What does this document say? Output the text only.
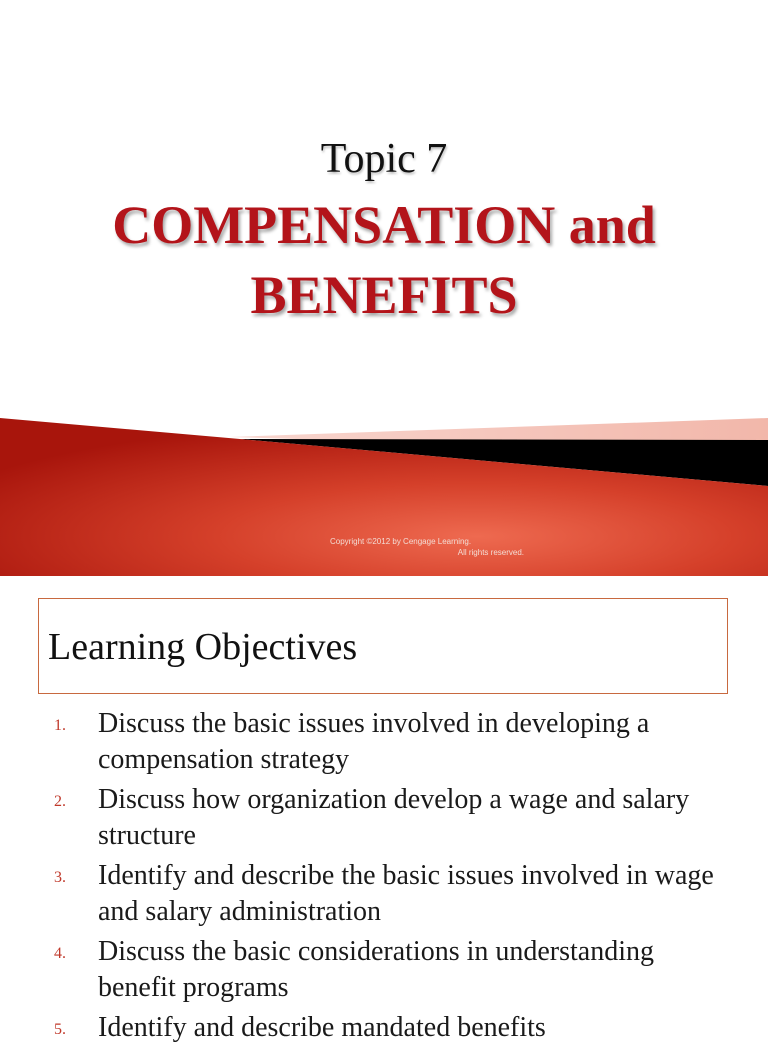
Topic 7
COMPENSATION and
BENEFITS
Copyright ©2012 by Cengage Learning.
All rights reserved.
Learning Objectives
1. Discuss the basic issues involved in developing a compensation strategy
2. Discuss how organization develop a wage and salary structure
3. Identify and describe the basic issues involved in wage and salary administration
4. Discuss the basic considerations in understanding benefit programs
5. Identify and describe mandated benefits
